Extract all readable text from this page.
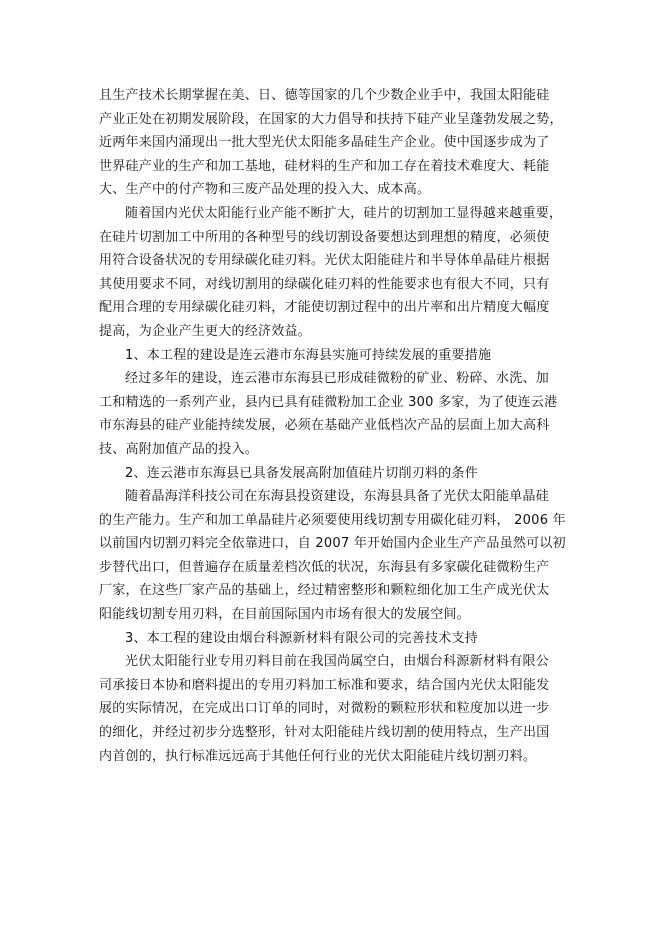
且生产技术长期掌握在美、日、德等国家的几个少数企业手中，我国太阳能硅
产业正处在初期发展阶段，在国家的大力倡导和扶持下硅产业呈蓬勃发展之势，
近两年来国内涌现出一批大型光伏太阳能多晶硅生产企业。使中国逐步成为了
世界硅产业的生产和加工基地，硅材料的生产和加工存在着技术难度大、耗能
大、生产中的付产物和三废产品处理的投入大、成本高。
随着国内光伏太阳能行业产能不断扩大，硅片的切割加工显得越来越重要，
在硅片切割加工中所用的各种型号的线切割设备要想达到理想的精度，必须使
用符合设备状况的专用绿碳化硅刃料。光伏太阳能硅片和半导体单晶硅片根据
其使用要求不同，对线切割用的绿碳化硅刃料的性能要求也有很大不同，只有
配用合理的专用绿碳化硅刃料，才能使切割过程中的出片率和出片精度大幅度
提高，为企业产生更大的经济效益。
1、本工程的建设是连云港市东海县实施可持续发展的重要措施
经过多年的建设，连云港市东海县已形成硅微粉的矿业、粉碎、水洗、加
工和精选的一系列产业，县内已具有硅微粉加工企业 300 多家，为了使连云港
市东海县的硅产业能持续发展，必须在基础产业低档次产品的层面上加大高科
技、高附加值产品的投入。
2、连云港市东海县已具备发展高附加值硅片切削刃料的条件
随着晶海洋科技公司在东海县投资建设，东海县具备了光伏太阳能单晶硅
的生产能力。生产和加工单晶硅片必须要使用线切割专用碳化硅刃料， 2006 年
以前国内切割刃料完全依靠进口，自 2007 年开始国内企业生产产品虽然可以初
步替代出口，但普遍存在质量差档次低的状况，东海县有多家碳化硅微粉生产
厂家，在这些厂家产品的基础上，经过精密整形和颗粒细化加工生产成光伏太
阳能线切割专用刃料，在目前国际国内市场有很大的发展空间。
3、本工程的建设由烟台科源新材料有限公司的完善技术支持
光伏太阳能行业专用刃料目前在我国尚属空白，由烟台科源新材料有限公
司承接日本协和磨料提出的专用刃料加工标准和要求，结合国内光伏太阳能发
展的实际情况，在完成出口订单的同时，对微粉的颗粒形状和粒度加以进一步
的细化，并经过初步分选整形，针对太阳能硅片线切割的使用特点，生产出国
内首创的，执行标准远远高于其他任何行业的光伏太阳能硅片线切割刃料。
